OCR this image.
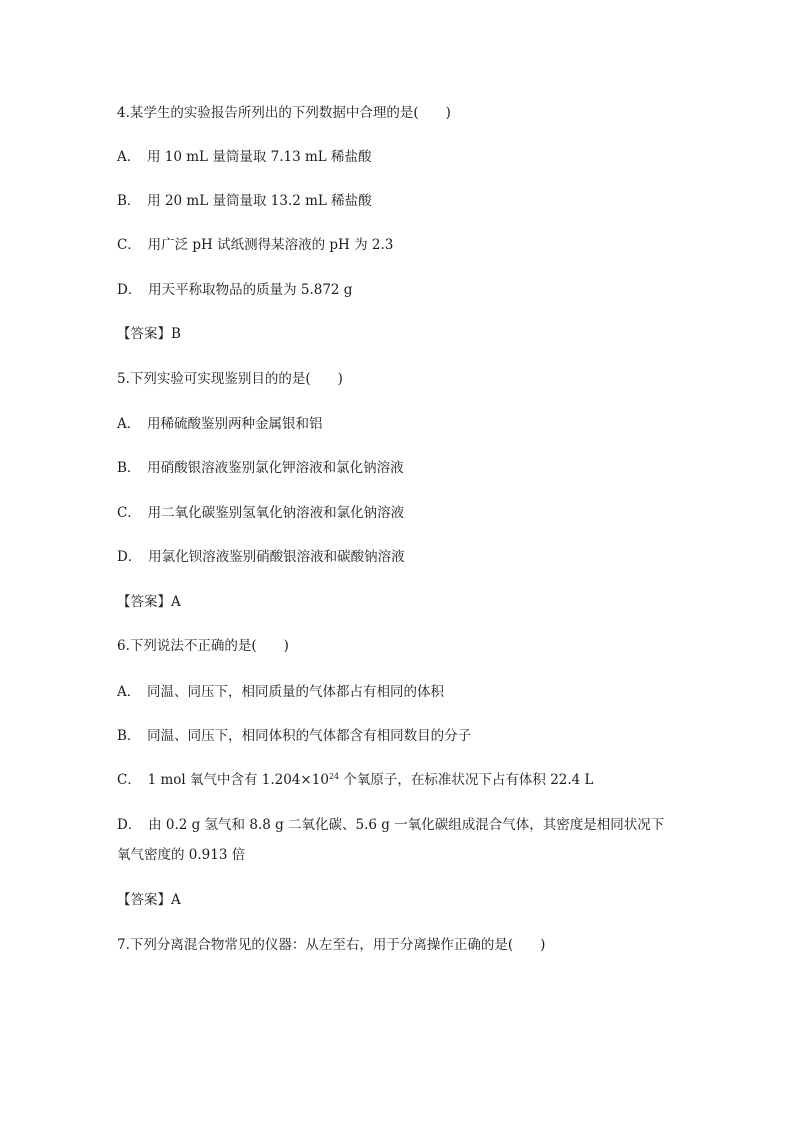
4.某学生的实验报告所列出的下列数据中合理的是(　　)
A．　用 10 mL 量筒量取 7.13 mL 稀盐酸
B．　用 20 mL 量筒量取 13.2 mL 稀盐酸
C．　用广泛 pH 试纸测得某溶液的 pH 为 2.3
D．　用天平称取物品的质量为 5.872 g
【答案】B
5.下列实验可实现鉴别目的的是(　　)
A．　用稀硫酸鉴别两种金属银和铝
B．　用硝酸银溶液鉴别氯化钾溶液和氯化钠溶液
C．　用二氧化碳鉴别氢氧化钠溶液和氯化钠溶液
D．　用氯化钡溶液鉴别硝酸银溶液和碳酸钠溶液
【答案】A
6.下列说法不正确的是(　　)
A．　同温、同压下，相同质量的气体都占有相同的体积
B．　同温、同压下，相同体积的气体都含有相同数目的分子
C．　1 mol 氧气中含有 $1.204\times 10^{24}$ 个氧原子，在标准状况下占有体积 22.4 L
D．　由 0.2 g 氢气和 8.8 g 二氧化碳、5.6 g 一氧化碳组成混合气体，其密度是相同状况下
氧气密度的 0.913 倍
【答案】A
7.下列分离混合物常见的仪器：从左至右，用于分离操作正确的是(　　)
